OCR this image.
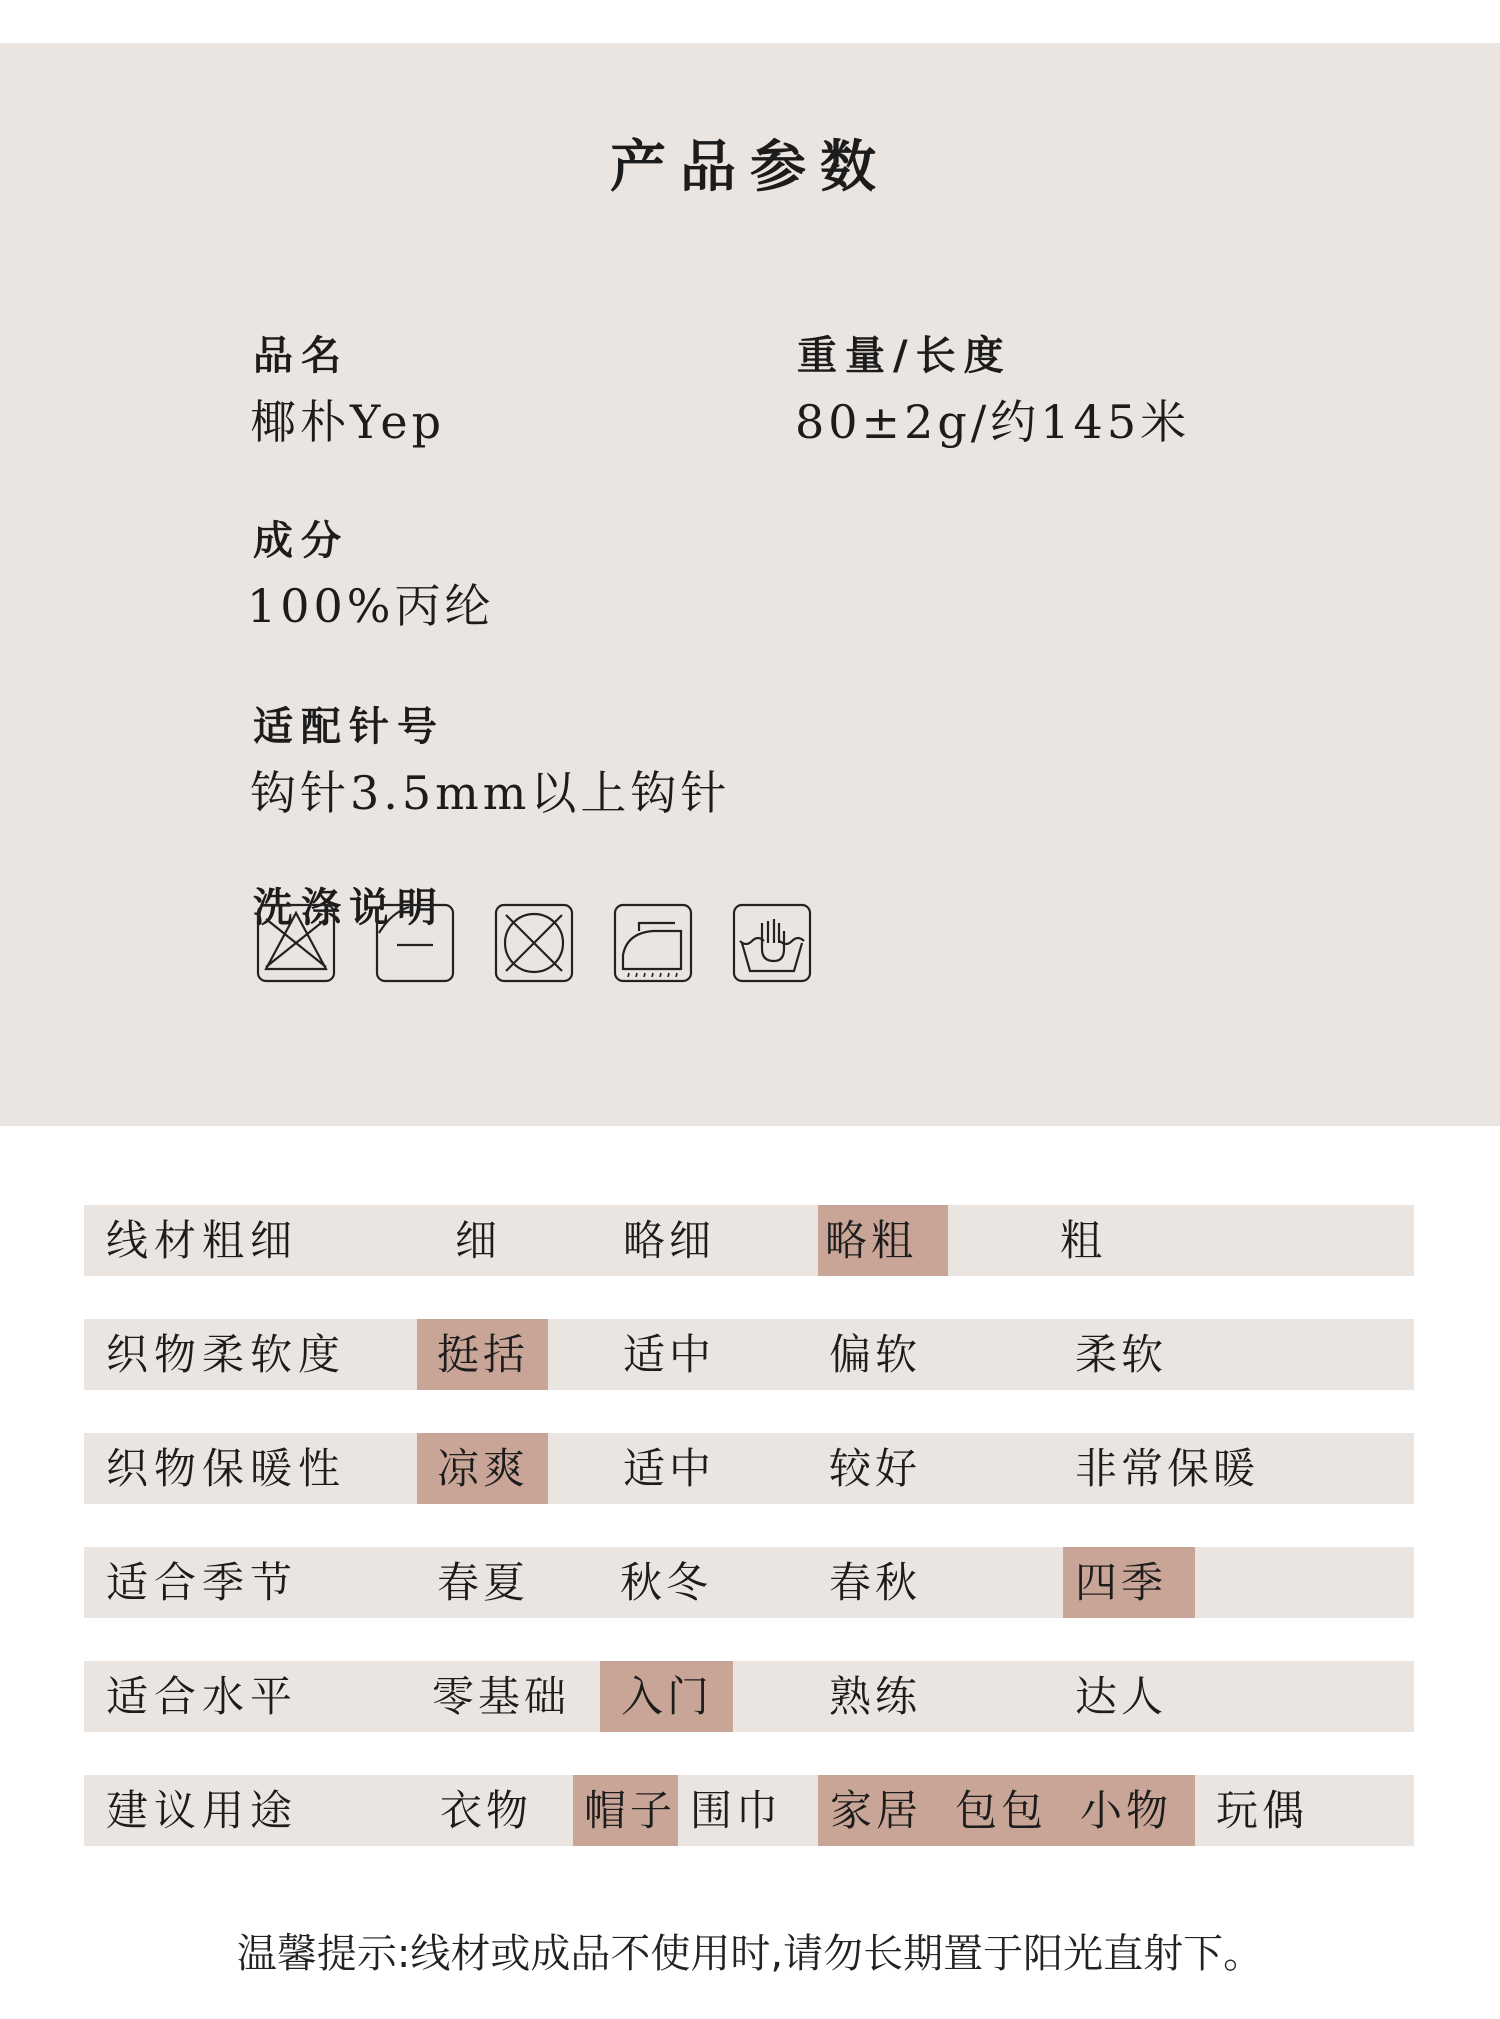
产品参数
品名
椰朴Yep
重量/长度
80±2g/约145米
成分
100%丙纶
适配针号
钩针3.5mm以上钩针
洗涤说明
线材粗细	细	略细	略粗	粗
织物柔软度 挺括 适中	偏软	柔软
织物保暖性 凉爽 适中	较好	非常保暖
适合季节	春夏 秋冬	春秋	四季
适合水平	零基础 入门	熟练	达人
建议用途	衣物 帽子 围巾 家居 包包 小物 玩偶
温馨提示:线材或成品不使用时,请勿长期置于阳光直射下。
